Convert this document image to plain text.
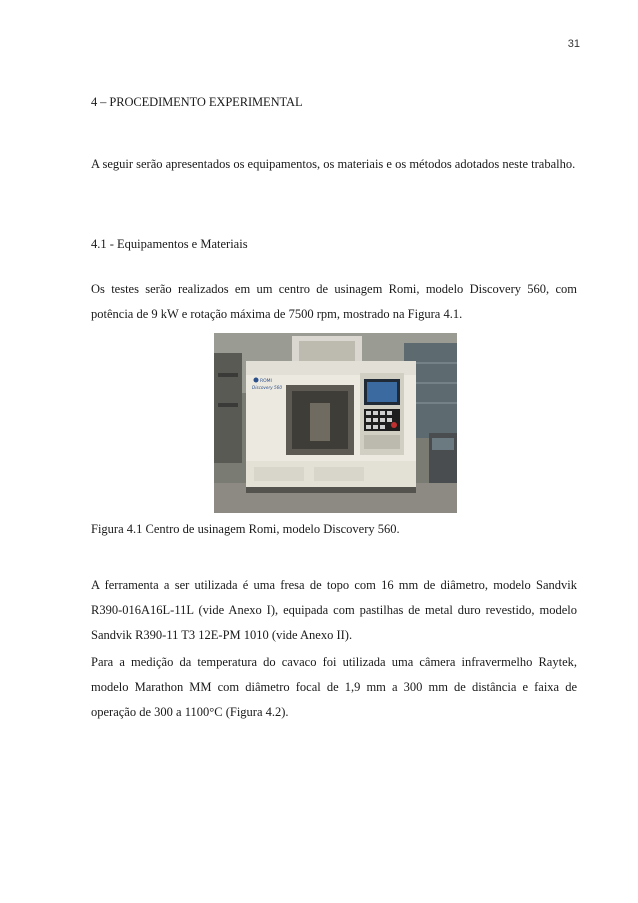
31
4 – PROCEDIMENTO EXPERIMENTAL

A seguir serão apresentados os equipamentos, os materiais e os métodos adotados neste trabalho.

4.1 - Equipamentos e Materiais

Os testes serão realizados em um centro de usinagem Romi, modelo Discovery 560, com potência de 9 kW e rotação máxima de 7500 rpm, mostrado na Figura 4.1.

ROMI
Discovery 560
Figura 4.1 Centro de usinagem Romi, modelo Discovery 560.

A ferramenta a ser utilizada é uma fresa de topo com 16 mm de diâmetro, modelo Sandvik R390-016A16L-11L (vide Anexo I), equipada com pastilhas de metal duro revestido, modelo Sandvik R390-11 T3 12E-PM 1010 (vide Anexo II).

Para a medição da temperatura do cavaco foi utilizada uma câmera infravermelho Raytek, modelo Marathon MM com diâmetro focal de 1,9 mm a 300 mm de distância e faixa de operação de 300 a 1100°C (Figura 4.2).
